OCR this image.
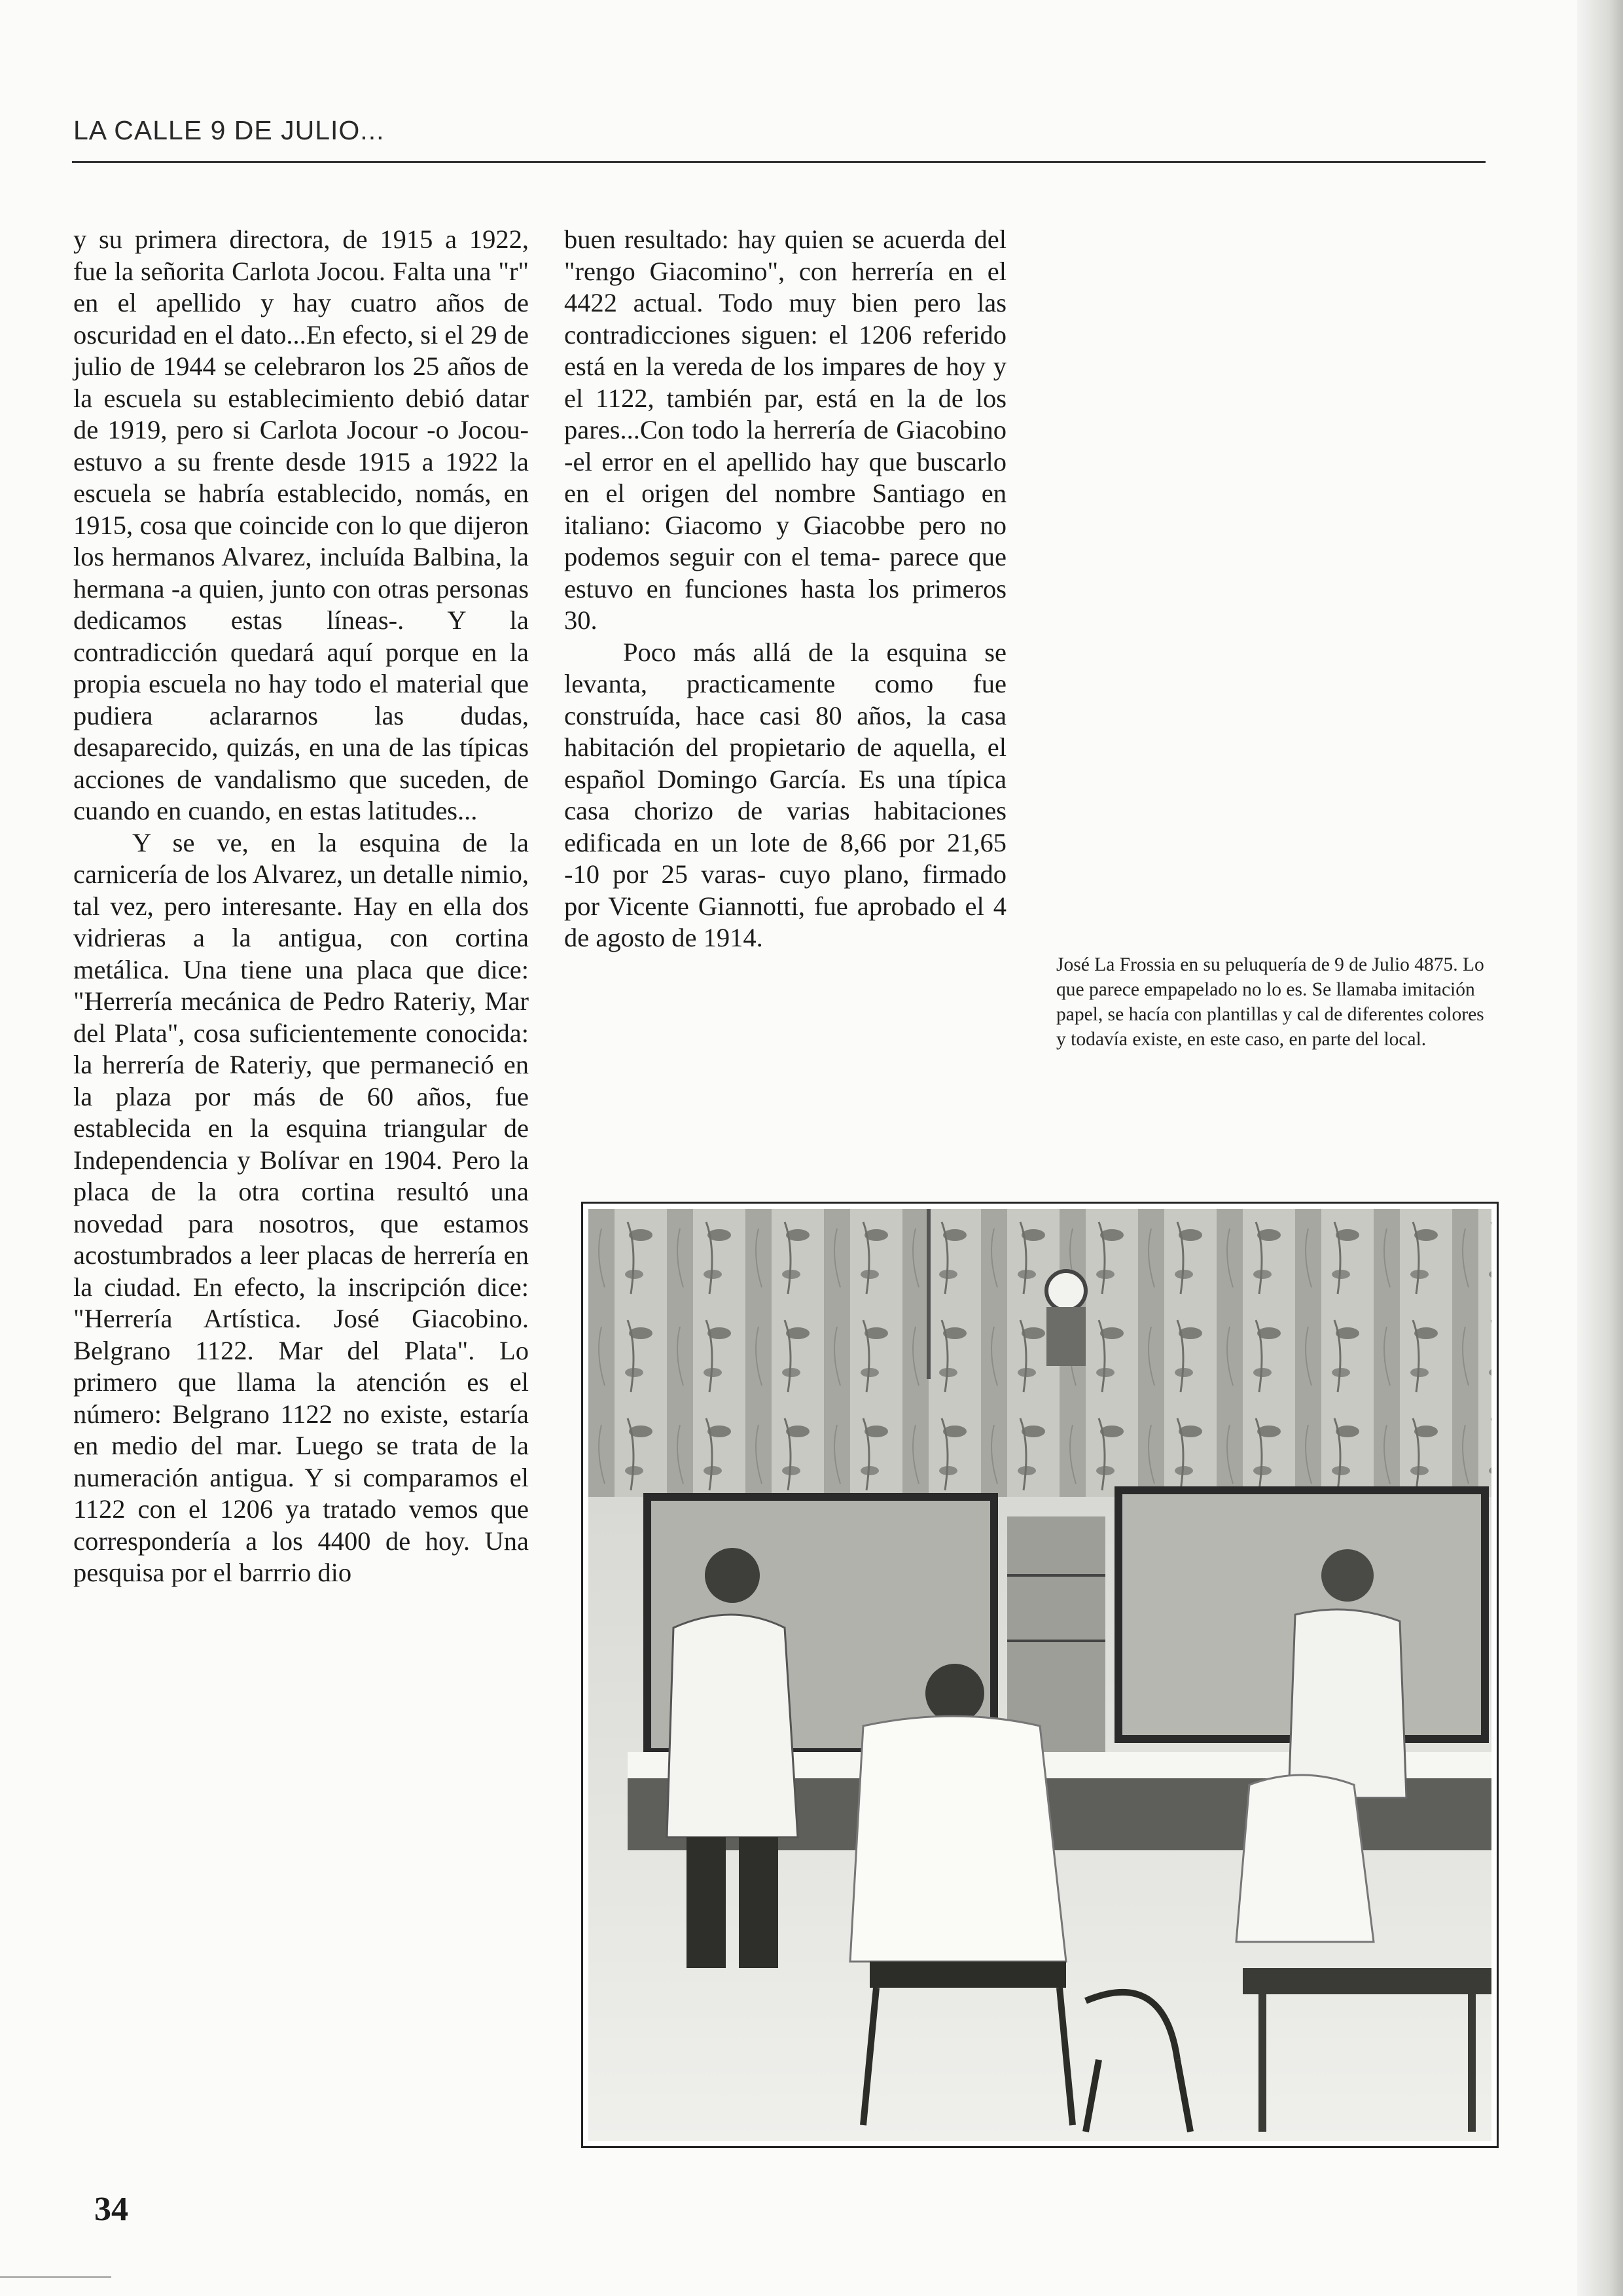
LA CALLE 9 DE JULIO...

y su primera directora, de 1915 a 1922, fue la señorita Carlota Jocou. Falta una "r" en el apellido y hay cuatro años de oscuridad en el dato...En efecto, si el 29 de julio de 1944 se celebraron los 25 años de la escuela su establecimiento debió datar de 1919, pero si Carlota Jocour -o Jocou- estuvo a su frente desde 1915 a 1922 la escuela se habría establecido, nomás, en 1915, cosa que coincide con lo que dijeron los hermanos Alvarez, incluída Balbina, la hermana -a quien, junto con otras personas dedicamos estas líneas-. Y la contradicción quedará aquí porque en la propia escuela no hay todo el material que pudiera aclararnos las dudas, desaparecido, quizás, en una de las típicas acciones de vandalismo que suceden, de cuando en cuando, en estas latitudes...

Y se ve, en la esquina de la carnicería de los Alvarez, un detalle nimio, tal vez, pero interesante. Hay en ella dos vidrieras a la antigua, con cortina metálica. Una tiene una placa que dice: "Herrería mecánica de Pedro Rateriy, Mar del Plata", cosa suficientemente conocida: la herrería de Rateriy, que permaneció en la plaza por más de 60 años, fue establecida en la esquina triangular de Independencia y Bolívar en 1904. Pero la placa de la otra cortina resultó una novedad para nosotros, que estamos acostumbrados a leer placas de herrería en la ciudad. En efecto, la inscripción dice: "Herrería Artística. José Giacobino. Belgrano 1122. Mar del Plata". Lo primero que llama la atención es el número: Belgrano 1122 no existe, estaría en medio del mar. Luego se trata de la numeración antigua. Y si comparamos el 1122 con el 1206 ya tratado vemos que correspondería a los 4400 de hoy. Una pesquisa por el barrrio dio

buen resultado: hay quien se acuerda del "rengo Giacomino", con herrería en el 4422 actual. Todo muy bien pero las contradicciones siguen: el 1206 referido está en la vereda de los impares de hoy y el 1122, también par, está en la de los pares...Con todo la herrería de Giacobino -el error en el apellido hay que buscarlo en el origen del nombre Santiago en italiano: Giacomo y Giacobbe pero no podemos seguir con el tema- parece que estuvo en funciones hasta los primeros 30.

Poco más allá de la esquina se levanta, practicamente como fue construída, hace casi 80 años, la casa habitación del propietario de aquella, el español Domingo García. Es una típica casa chorizo de varias habitaciones edificada en un lote de 8,66 por 21,65 -10 por 25 varas- cuyo plano, firmado por Vicente Giannotti, fue aprobado el 4 de agosto de 1914.

José La Frossia en su peluquería de 9 de Julio 4875. Lo que parece empapelado no lo es. Se llamaba imitación papel, se hacía con plantillas y cal de diferentes colores y todavía existe, en este caso, en parte del local.
34
